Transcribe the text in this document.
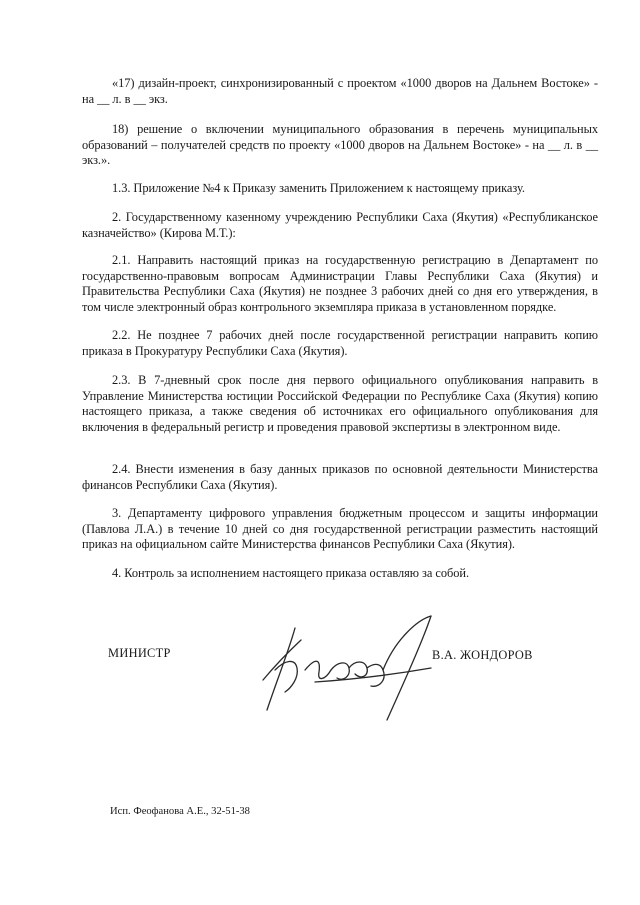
«17) дизайн-проект, синхронизированный с проектом «1000 дворов на Дальнем Востоке» - на __ л. в __ экз.

18) решение о включении муниципального образования в перечень муниципальных образований – получателей средств по проекту «1000 дворов на Дальнем Востоке» - на __ л. в __ экз.».

1.3. Приложение №4 к Приказу заменить Приложением к настоящему приказу.

2. Государственному казенному учреждению Республики Саха (Якутия) «Республиканское казначейство» (Кирова М.Т.):

2.1. Направить настоящий приказ на государственную регистрацию в Департамент по государственно-правовым вопросам Администрации Главы Республики Саха (Якутия) и Правительства Республики Саха (Якутия) не позднее 3 рабочих дней со дня его утверждения, в том числе электронный образ контрольного экземпляра приказа в установленном порядке.

2.2. Не позднее 7 рабочих дней после государственной регистрации направить копию приказа в Прокуратуру Республики Саха (Якутия).

2.3. В 7-дневный срок после дня первого официального опубликования направить в Управление Министерства юстиции Российской Федерации по Республике Саха (Якутия) копию настоящего приказа, а также сведения об источниках его официального опубликования для включения в федеральный регистр и проведения правовой экспертизы в электронном виде.

2.4. Внести изменения в базу данных приказов по основной деятельности Министерства финансов Республики Саха (Якутия).

3. Департаменту цифрового управления бюджетным процессом и защиты информации (Павлова Л.А.) в течение 10 дней со дня государственной регистрации разместить настоящий приказ на официальном сайте Министерства финансов Республики Саха (Якутия).

4. Контроль за исполнением настоящего приказа оставляю за собой.

МИНИСТР	В.А. ЖОНДОРОВ
Исп. Феофанова А.Е., 32-51-38
